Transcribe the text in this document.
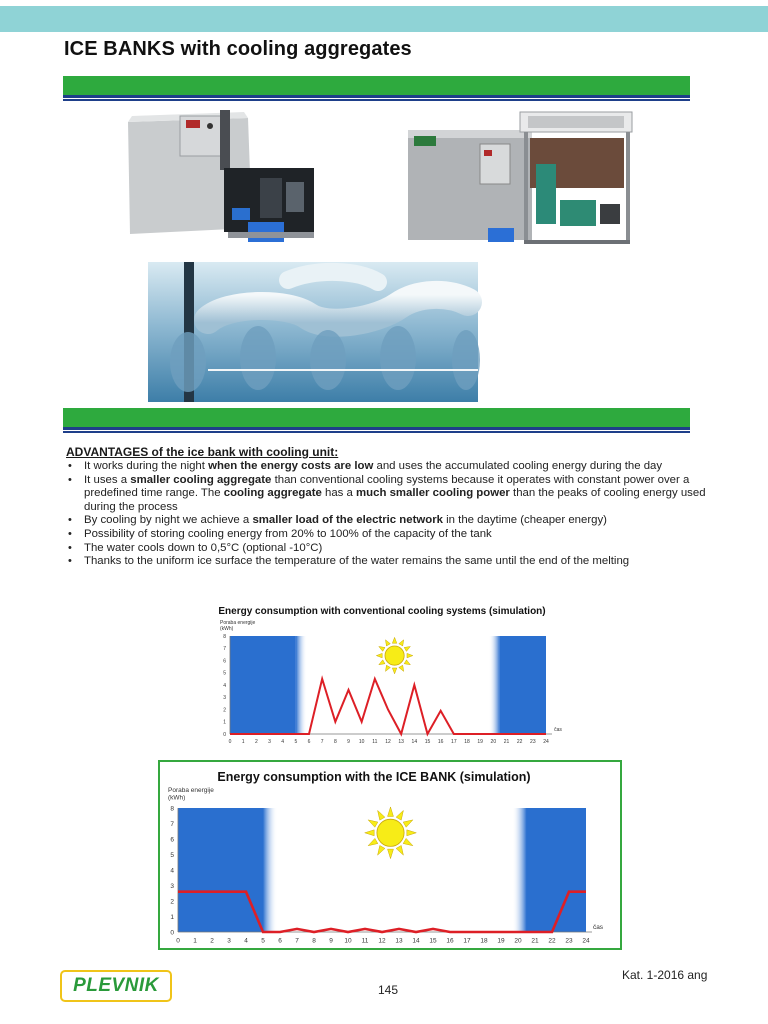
ICE BANKS with cooling aggregates
ADVANTAGES of the ice bank with cooling unit:
• It works during the night when the energy costs are low and uses the accumulated cooling energy during the day
• It uses a smaller cooling aggregate than conventional cooling systems because it operates with constant power over a predefined time range. The cooling aggregate has a much smaller cooling power than the peaks of cooling energy used during the process
• By cooling by night we achieve a smaller load of the electric network in the daytime (cheaper energy)
• Possibility of storing cooling energy from 20% to 100% of the capacity of the tank
• The water cools down to 0,5°C (optional -10°C)
• Thanks to the uniform ice surface the temperature of the water remains the same until the end of the melting
Energy consumption with conventional cooling systems (simulation)
Poraba energije
(kWh)
0
1
2
3
4
5
6
7
8
0 1 2 3 4 5 6 7 8 9 10 11 12 13 14 15 16 17 18 19 20 21 22 23 24
čas
Energy consumption with the ICE BANK (simulation)
Poraba energije
(kWh)
0
1
2
3
4
5
6
7
8
0 1 2 3 4 5 6 7 8 9 10 11 12 13 14 15 16 17 18 19 20 21 22 23 24
čas
PLEVNIK	145
Kat. 1-2016 ang
